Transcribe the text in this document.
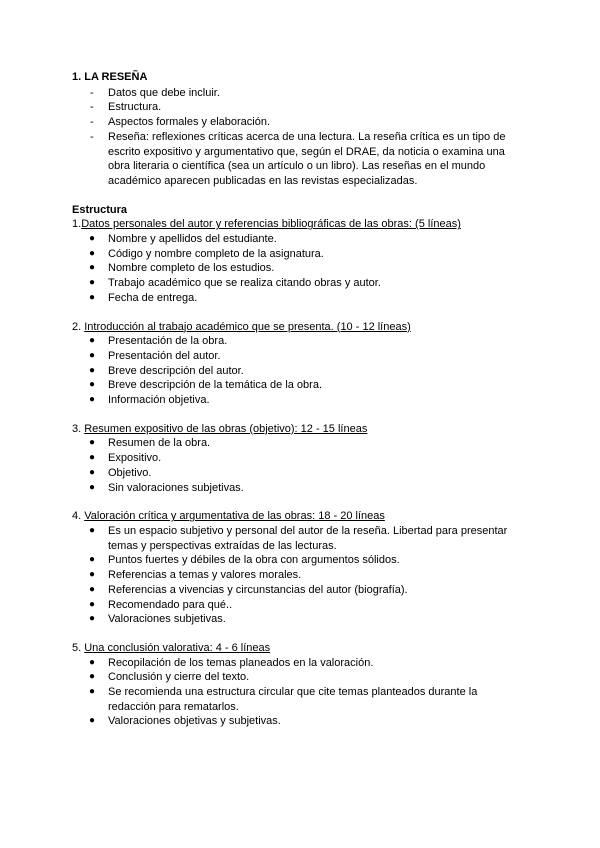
1. LA RESEÑA
- Datos que debe incluir.
- Estructura.
- Aspectos formales y elaboración.
- Reseña: reflexiones críticas acerca de una lectura. La reseña crítica es un tipo de escrito expositivo y argumentativo que, según el DRAE, da noticia o examina una obra literaria o científica (sea un artículo o un libro). Las reseñas en el mundo académico aparecen publicadas en las revistas especializadas.
Estructura
1.Datos personales del autor y referencias bibliográficas de las obras: (5 líneas)
● Nombre y apellidos del estudiante.
● Código y nombre completo de la asignatura.
● Nombre completo de los estudios.
● Trabajo académico que se realiza citando obras y autor.
● Fecha de entrega.
2. Introducción al trabajo académico que se presenta. (10 - 12 líneas)
● Presentación de la obra.
● Presentación del autor.
● Breve descripción del autor.
● Breve descripción de la temática de la obra.
● Información objetiva.
3. Resumen expositivo de las obras (objetivo): 12 - 15 líneas
● Resumen de la obra.
● Expositivo.
● Objetivo.
● Sin valoraciones subjetivas.
4. Valoración crítica y argumentativa de las obras: 18 - 20 líneas
● Es un espacio subjetivo y personal del autor de la reseña. Libertad para presentar temas y perspectivas extraídas de las lecturas.
● Puntos fuertes y débiles de la obra con argumentos sólidos.
● Referencias a temas y valores morales.
● Referencias a vivencias y circunstancias del autor (biografía).
● Recomendado para qué..
● Valoraciones subjetivas.
5. Una conclusión valorativa: 4 - 6 líneas
● Recopilación de los temas planeados en la valoración.
● Conclusión y cierre del texto.
● Se recomienda una estructura circular que cite temas planteados durante la redacción para rematarlos.
● Valoraciones objetivas y subjetivas.
